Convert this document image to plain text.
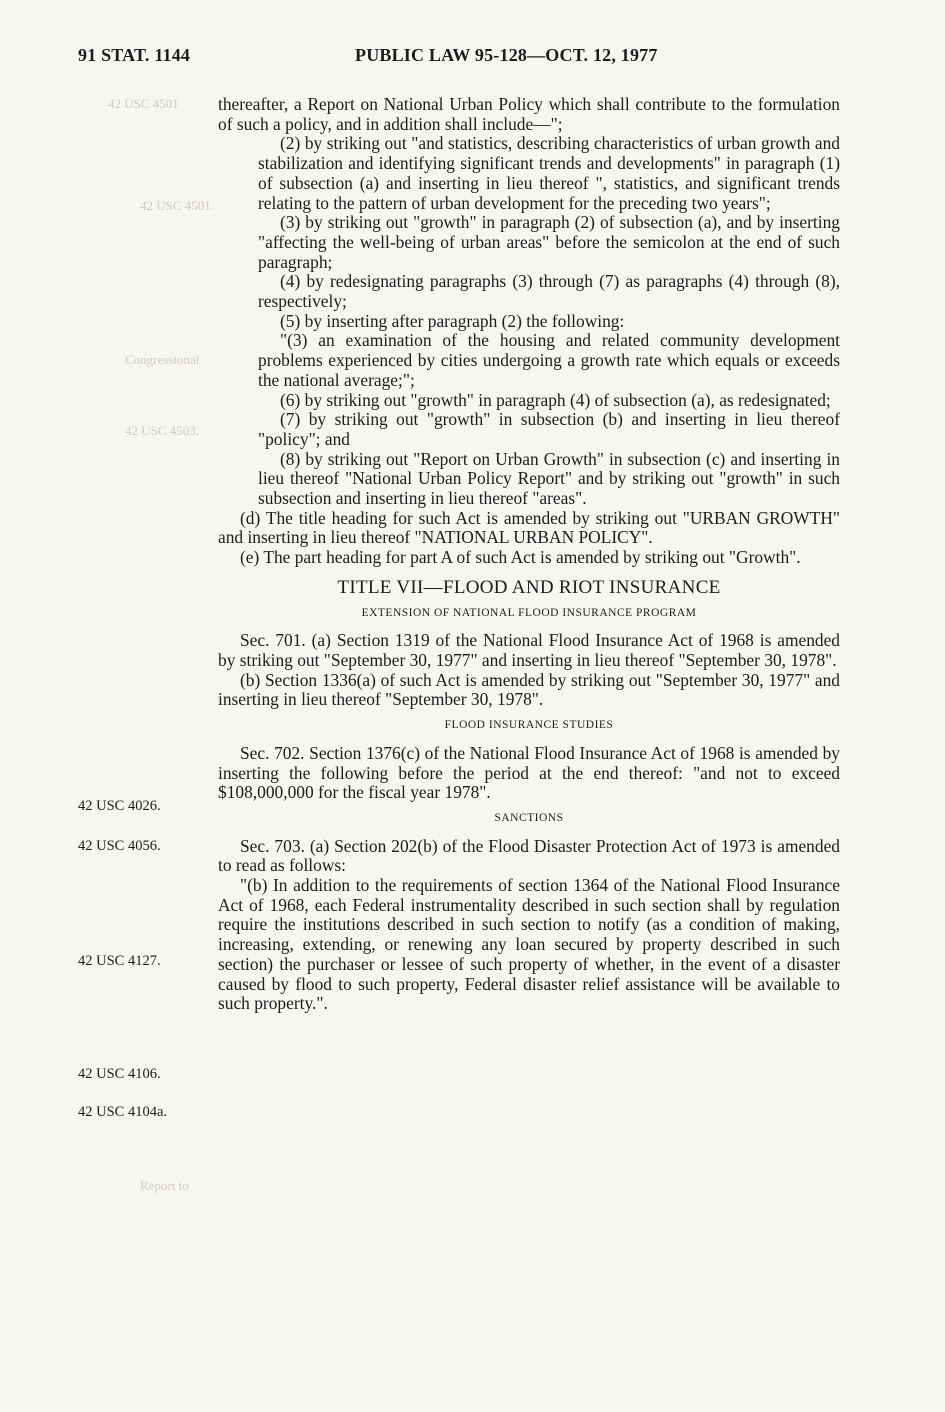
42 USC 4501
42 USC 4501.
Congressional
42 USC 4503.
Report to
91 STAT. 1144	PUBLIC LAW 95-128—OCT. 12, 1977

thereafter, a Report on National Urban Policy which shall contribute to the formulation of such a policy, and in addition shall include—";

(2) by striking out "and statistics, describing characteristics of urban growth and stabilization and identifying significant trends and developments" in paragraph (1) of subsection (a) and inserting in lieu thereof ", statistics, and significant trends relating to the pattern of urban development for the preceding two years";

(3) by striking out "growth" in paragraph (2) of subsection (a), and by inserting "affecting the well-being of urban areas" before the semicolon at the end of such paragraph;

(4) by redesignating paragraphs (3) through (7) as paragraphs (4) through (8), respectively;

(5) by inserting after paragraph (2) the following:

"(3) an examination of the housing and related community development problems experienced by cities undergoing a growth rate which equals or exceeds the national average;";

(6) by striking out "growth" in paragraph (4) of subsection (a), as redesignated;

(7) by striking out "growth" in subsection (b) and inserting in lieu thereof "policy"; and

(8) by striking out "Report on Urban Growth" in subsection (c) and inserting in lieu thereof "National Urban Policy Report" and by striking out "growth" in such subsection and inserting in lieu thereof "areas".

(d) The title heading for such Act is amended by striking out "URBAN GROWTH" and inserting in lieu thereof "NATIONAL URBAN POLICY".

(e) The part heading for part A of such Act is amended by striking out "Growth".

TITLE VII—FLOOD AND RIOT INSURANCE
EXTENSION OF NATIONAL FLOOD INSURANCE PROGRAM

Sec. 701. (a) Section 1319 of the National Flood Insurance Act of 1968 is amended by striking out "September 30, 1977" and inserting in lieu thereof "September 30, 1978".

(b) Section 1336(a) of such Act is amended by striking out "September 30, 1977" and inserting in lieu thereof "September 30, 1978".

FLOOD INSURANCE STUDIES

Sec. 702. Section 1376(c) of the National Flood Insurance Act of 1968 is amended by inserting the following before the period at the end thereof: "and not to exceed $108,000,000 for the fiscal year 1978".

SANCTIONS

Sec. 703. (a) Section 202(b) of the Flood Disaster Protection Act of 1973 is amended to read as follows:

"(b) In addition to the requirements of section 1364 of the National Flood Insurance Act of 1968, each Federal instrumentality described in such section shall by regulation require the institutions described in such section to notify (as a condition of making, increasing, extending, or renewing any loan secured by property described in such section) the purchaser or lessee of such property of whether, in the event of a disaster caused by flood to such property, Federal disaster relief assistance will be available to such property.".

42 USC 4026.
42 USC 4056.
42 USC 4127.
42 USC 4106.
42 USC 4104a.
